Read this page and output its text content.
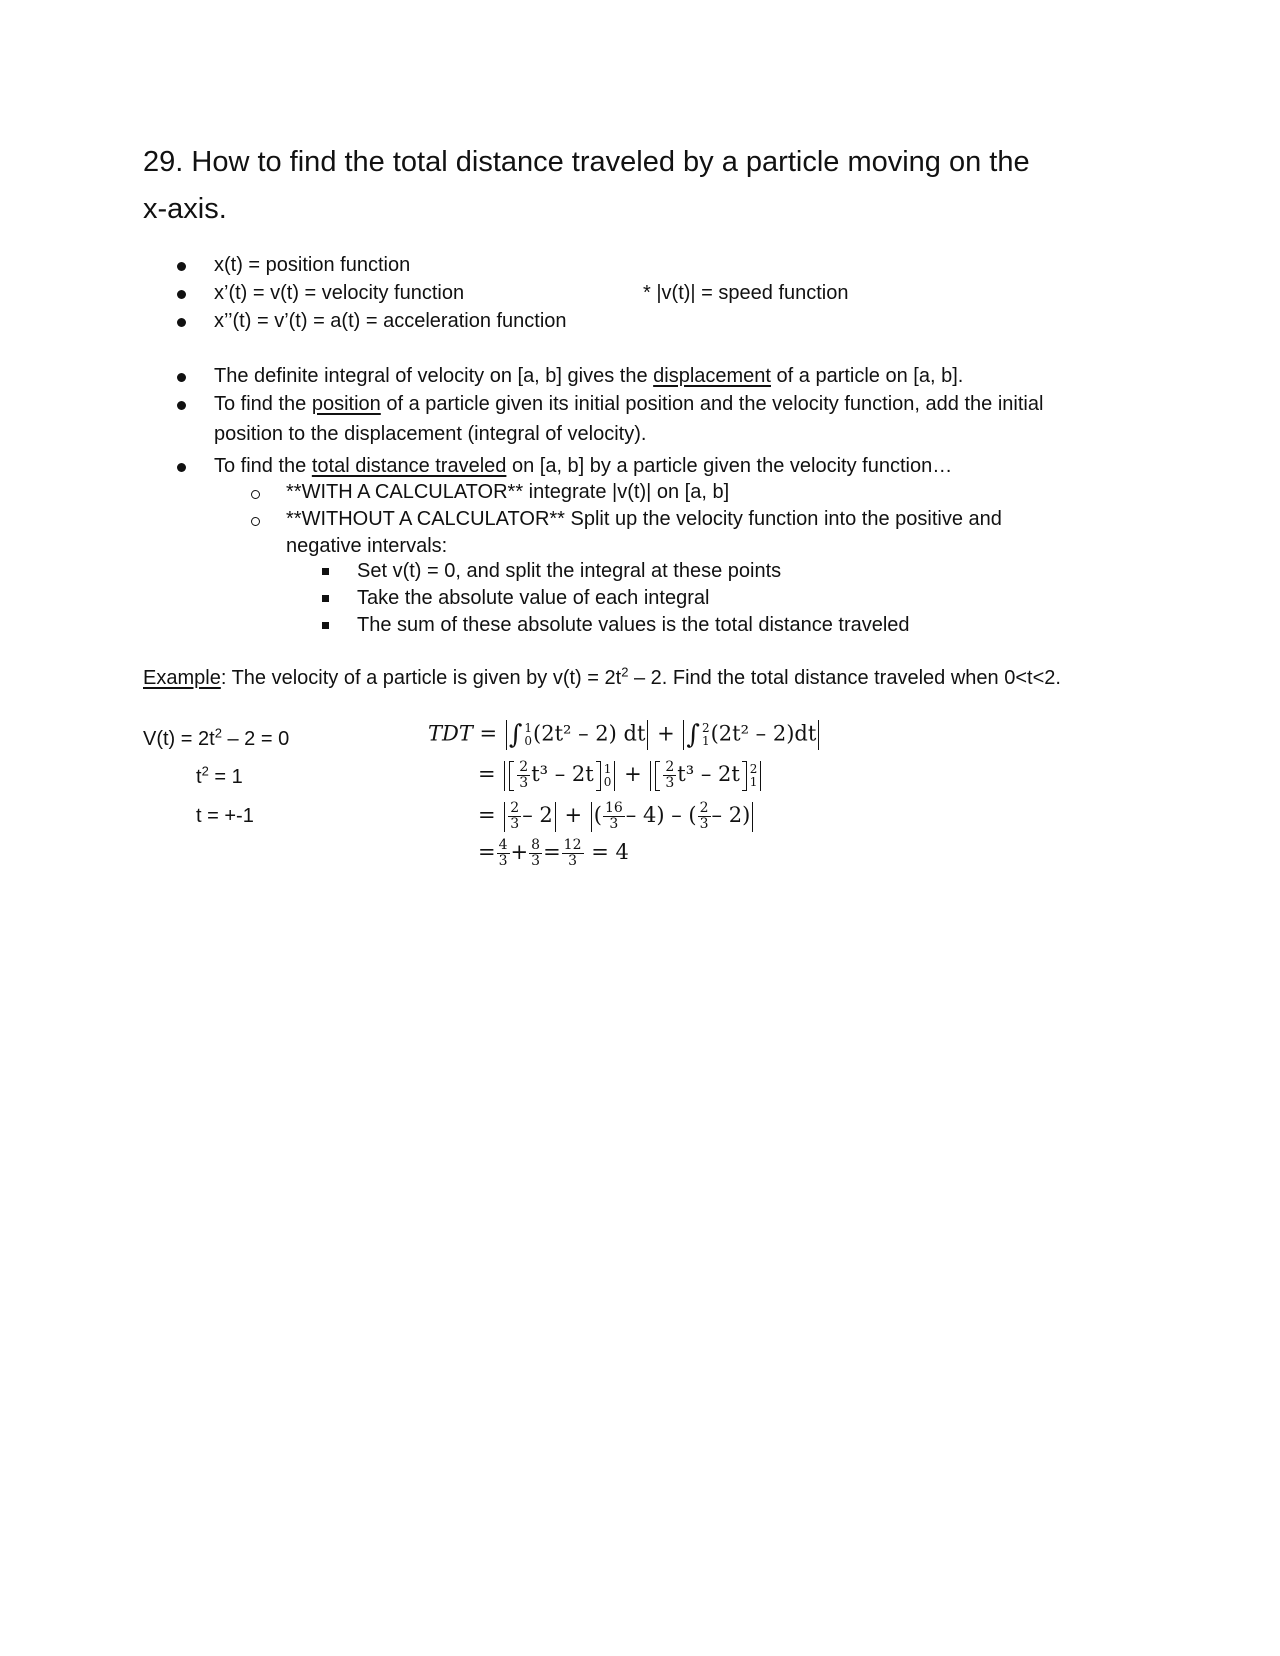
29. How to find the total distance traveled by a particle moving on the
x-axis.
x(t) = position function
x’(t) = v(t) = velocity function	* |v(t)| = speed function
x’’(t) = v’(t) = a(t) = acceleration function
The definite integral of velocity on [a, b] gives the displacement of a particle on [a, b].
To find the position of a particle given its initial position and the velocity function, add the initial
position to the displacement (integral of velocity).
To find the total distance traveled on [a, b] by a particle given the velocity function…
**WITH A CALCULATOR** integrate |v(t)| on [a, b]
**WITHOUT A CALCULATOR** Split up the velocity function into the positive and
negative intervals:
Set v(t) = 0, and split the integral at these points
Take the absolute value of each integral
The sum of these absolute values is the total distance traveled
Example: The velocity of a particle is given by $v(t) = 2t^2 - 2$. Find the total distance traveled when 0<t<2.
$V(t) = 2t^2 - 2 = 0$
$t^2 = 1$
t = +-1
TDT = ∫ 1
0 (2t² – 2) dt + ∫ 2
1 (2t² – 2)dt
= $\frac{2}{3} t^3 - 2t$ 1
$0 + \frac{2}{3} t^3 - 2t$ 2
1
= $\frac{2}{3} - 2$ + ( $\frac{16}{3} - 4$) – ( $\frac{2}{3} - 2$)
= $\frac{4}{3} + \frac{8}{3} = \frac{12}{3} = 4$
